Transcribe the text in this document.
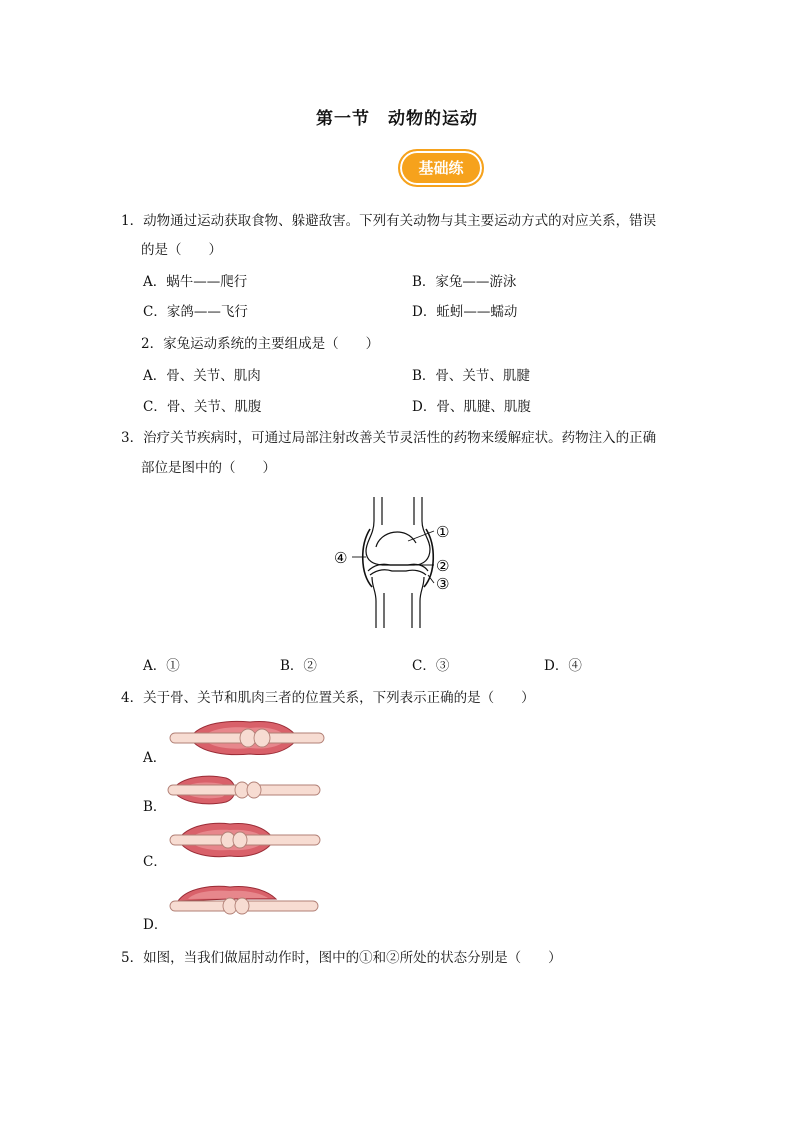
第一节　动物的运动
基础练
1．动物通过运动获取食物、躲避敌害。下列有关动物与其主要运动方式的对应关系，错误
的是（　　）
A．蜗牛——爬行	B．家兔——游泳
C．家鸽——飞行	D．蚯蚓——蠕动
2．家兔运动系统的主要组成是（　　）
A．骨、关节、肌肉	B．骨、关节、肌腱
C．骨、关节、肌腹	D．骨、肌腱、肌腹
3．治疗关节疾病时，可通过局部注射改善关节灵活性的药物来缓解症状。药物注入的正确
部位是图中的（　　）
①
②
③
④
A．①	B．②	C．③	D．④
4．关于骨、关节和肌肉三者的位置关系，下列表示正确的是（　　）
A．
B．
C．
D．
5．如图，当我们做屈肘动作时，图中的①和②所处的状态分别是（　　）
